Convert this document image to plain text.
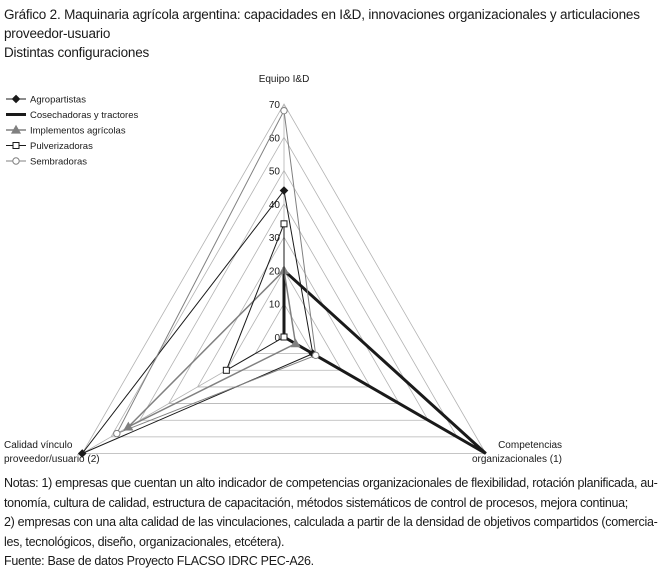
Gráfico 2. Maquinaria agrícola argentina: capacidades en I&D, innovaciones organizacionales y articulaciones
proveedor-usuario
Distintas configuraciones
0
10
20
30
40
50
60
70
Equipo I&D
Competencias
organizacionales (1)
Calidad vínculo
proveedor/usuario (2)
Agropartistas
Cosechadoras y tractores
Implementos agrícolas
Pulverizadoras
Sembradoras
Notas: 1) empresas que cuentan un alto indicador de competencias organizacionales de flexibilidad, rotación planificada, au-
tonomía, cultura de calidad, estructura de capacitación, métodos sistemáticos de control de procesos, mejora continua;
2) empresas con una alta calidad de las vinculaciones, calculada a partir de la densidad de objetivos compartidos (comercia-
les, tecnológicos, diseño, organizacionales, etcétera).
Fuente: Base de datos Proyecto FLACSO IDRC PEC-A26.
